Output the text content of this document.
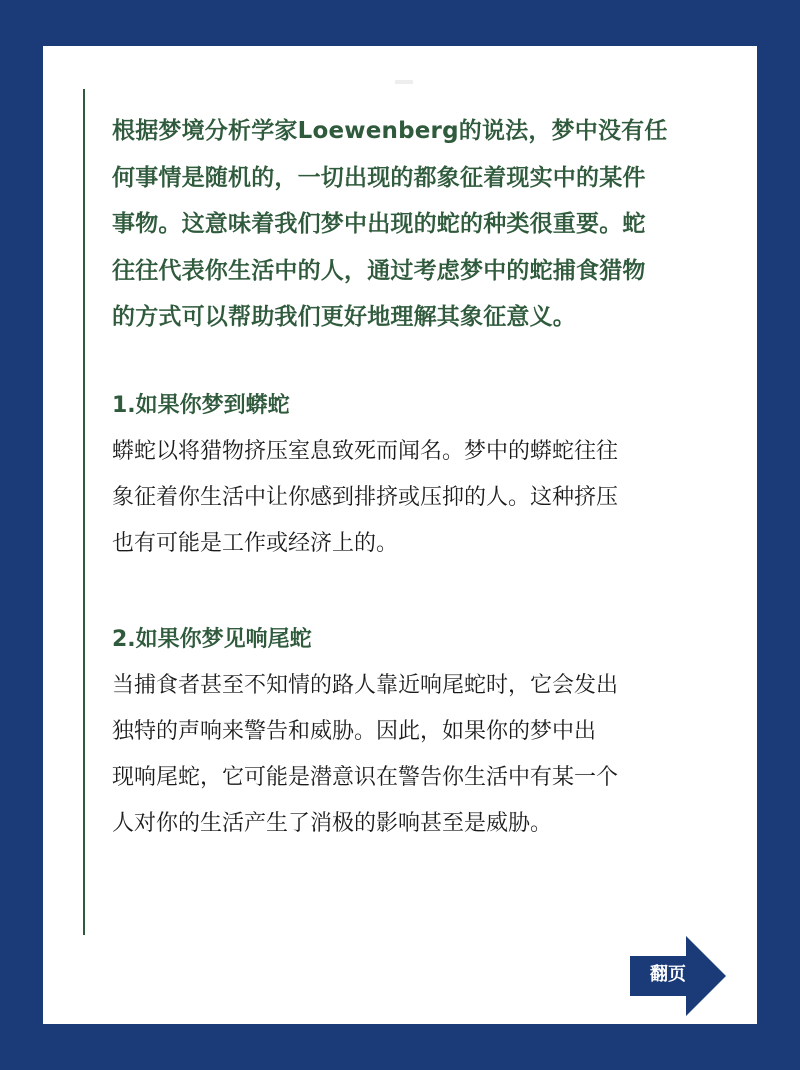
根据梦境分析学家Loewenberg的说法，梦中没有任
何事情是随机的，一切出现的都象征着现实中的某件
事物。这意味着我们梦中出现的蛇的种类很重要。蛇
往往代表你生活中的人，通过考虑梦中的蛇捕食猎物
的方式可以帮助我们更好地理解其象征意义。

1.如果你梦到蟒蛇

蟒蛇以将猎物挤压室息致死而闻名。梦中的蟒蛇往往
象征着你生活中让你感到排挤或压抑的人。这种挤压
也有可能是工作或经济上的。

2.如果你梦见响尾蛇

当捕食者甚至不知情的路人靠近响尾蛇时，它会发出
独特的声响来警告和威胁。因此，如果你的梦中出
现响尾蛇，它可能是潜意识在警告你生活中有某一个
人对你的生活产生了消极的影响甚至是威胁。

翻页
